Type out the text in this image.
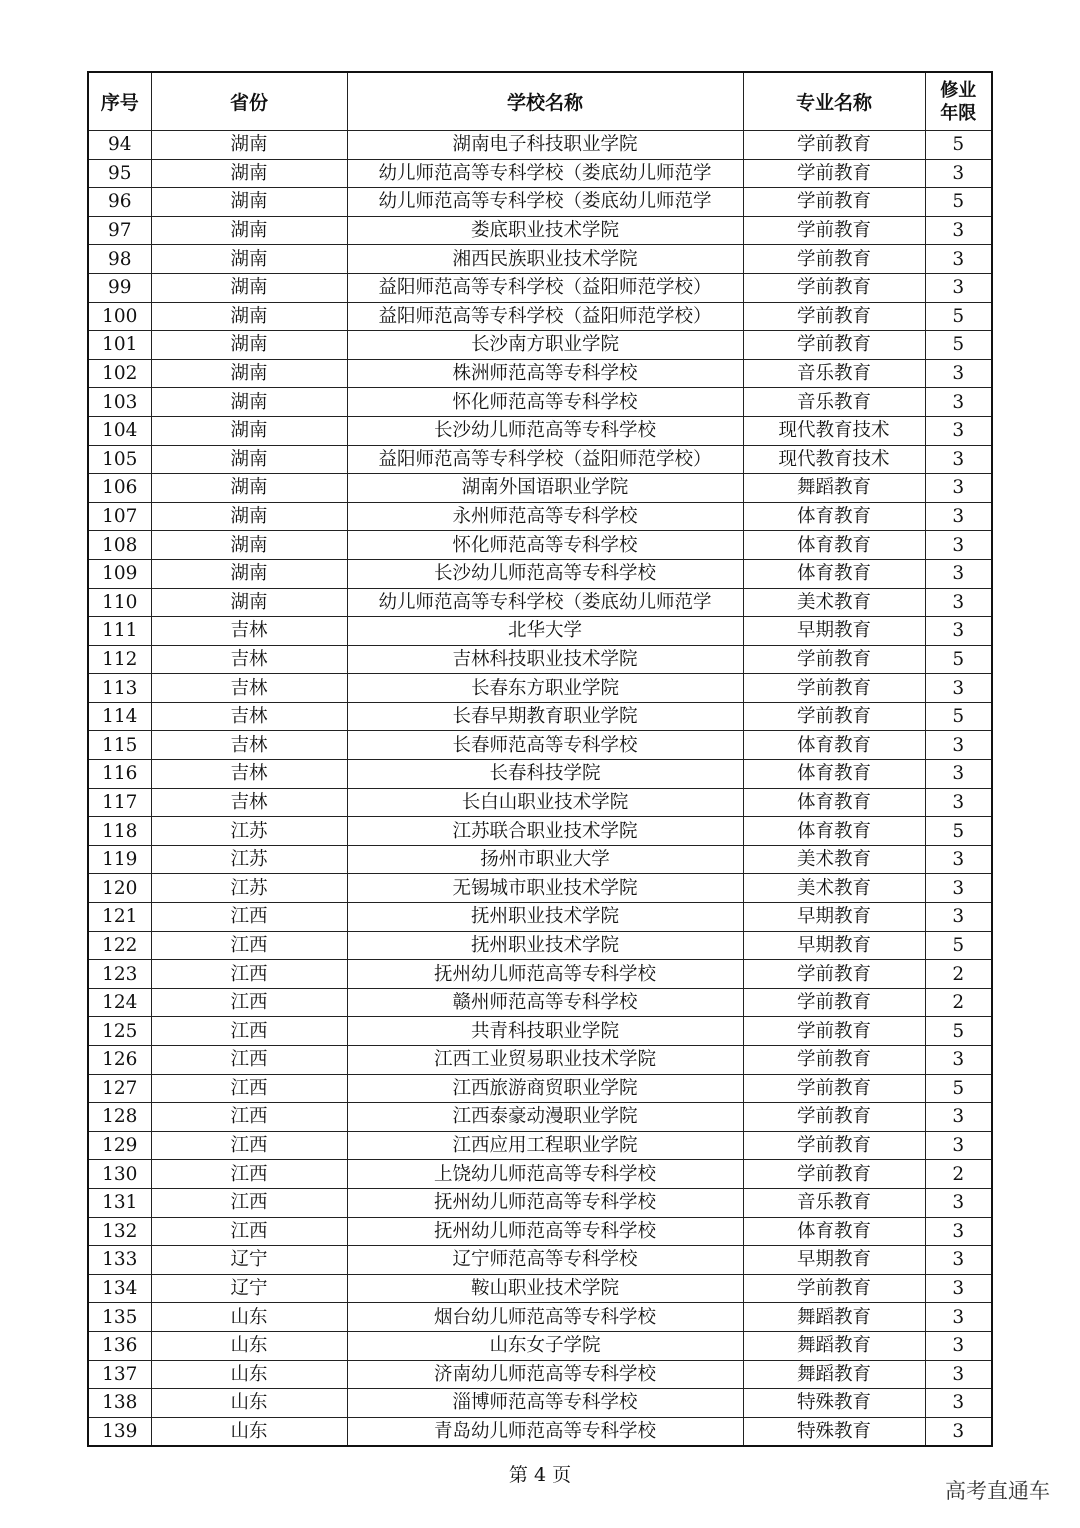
序号	省份	学校名称	专业名称	修业
年限

94	湖南	湖南电子科技职业学院	学前教育	5
95	湖南	幼儿师范高等专科学校（娄底幼儿师范学	学前教育	3
96	湖南	幼儿师范高等专科学校（娄底幼儿师范学	学前教育	5
97	湖南	娄底职业技术学院	学前教育	3
98	湖南	湘西民族职业技术学院	学前教育	3
99	湖南	益阳师范高等专科学校（益阳师范学校）	学前教育	3
100	湖南	益阳师范高等专科学校（益阳师范学校）	学前教育	5
101	湖南	长沙南方职业学院	学前教育	5
102	湖南	株洲师范高等专科学校	音乐教育	3
103	湖南	怀化师范高等专科学校	音乐教育	3
104	湖南	长沙幼儿师范高等专科学校	现代教育技术	3
105	湖南	益阳师范高等专科学校（益阳师范学校）	现代教育技术	3
106	湖南	湖南外国语职业学院	舞蹈教育	3
107	湖南	永州师范高等专科学校	体育教育	3
108	湖南	怀化师范高等专科学校	体育教育	3
109	湖南	长沙幼儿师范高等专科学校	体育教育	3
110	湖南	幼儿师范高等专科学校（娄底幼儿师范学	美术教育	3
111	吉林	北华大学	早期教育	3
112	吉林	吉林科技职业技术学院	学前教育	5
113	吉林	长春东方职业学院	学前教育	3
114	吉林	长春早期教育职业学院	学前教育	5
115	吉林	长春师范高等专科学校	体育教育	3
116	吉林	长春科技学院	体育教育	3
117	吉林	长白山职业技术学院	体育教育	3
118	江苏	江苏联合职业技术学院	体育教育	5
119	江苏	扬州市职业大学	美术教育	3
120	江苏	无锡城市职业技术学院	美术教育	3
121	江西	抚州职业技术学院	早期教育	3
122	江西	抚州职业技术学院	早期教育	5
123	江西	抚州幼儿师范高等专科学校	学前教育	2
124	江西	赣州师范高等专科学校	学前教育	2
125	江西	共青科技职业学院	学前教育	5
126	江西	江西工业贸易职业技术学院	学前教育	3
127	江西	江西旅游商贸职业学院	学前教育	5
128	江西	江西泰豪动漫职业学院	学前教育	3
129	江西	江西应用工程职业学院	学前教育	3
130	江西	上饶幼儿师范高等专科学校	学前教育	2
131	江西	抚州幼儿师范高等专科学校	音乐教育	3
132	江西	抚州幼儿师范高等专科学校	体育教育	3
133	辽宁	辽宁师范高等专科学校	早期教育	3
134	辽宁	鞍山职业技术学院	学前教育	3
135	山东	烟台幼儿师范高等专科学校	舞蹈教育	3
136	山东	山东女子学院	舞蹈教育	3
137	山东	济南幼儿师范高等专科学校	舞蹈教育	3
138	山东	淄博师范高等专科学校	特殊教育	3
139	山东	青岛幼儿师范高等专科学校	特殊教育	3
第 4 页
高考直通车
